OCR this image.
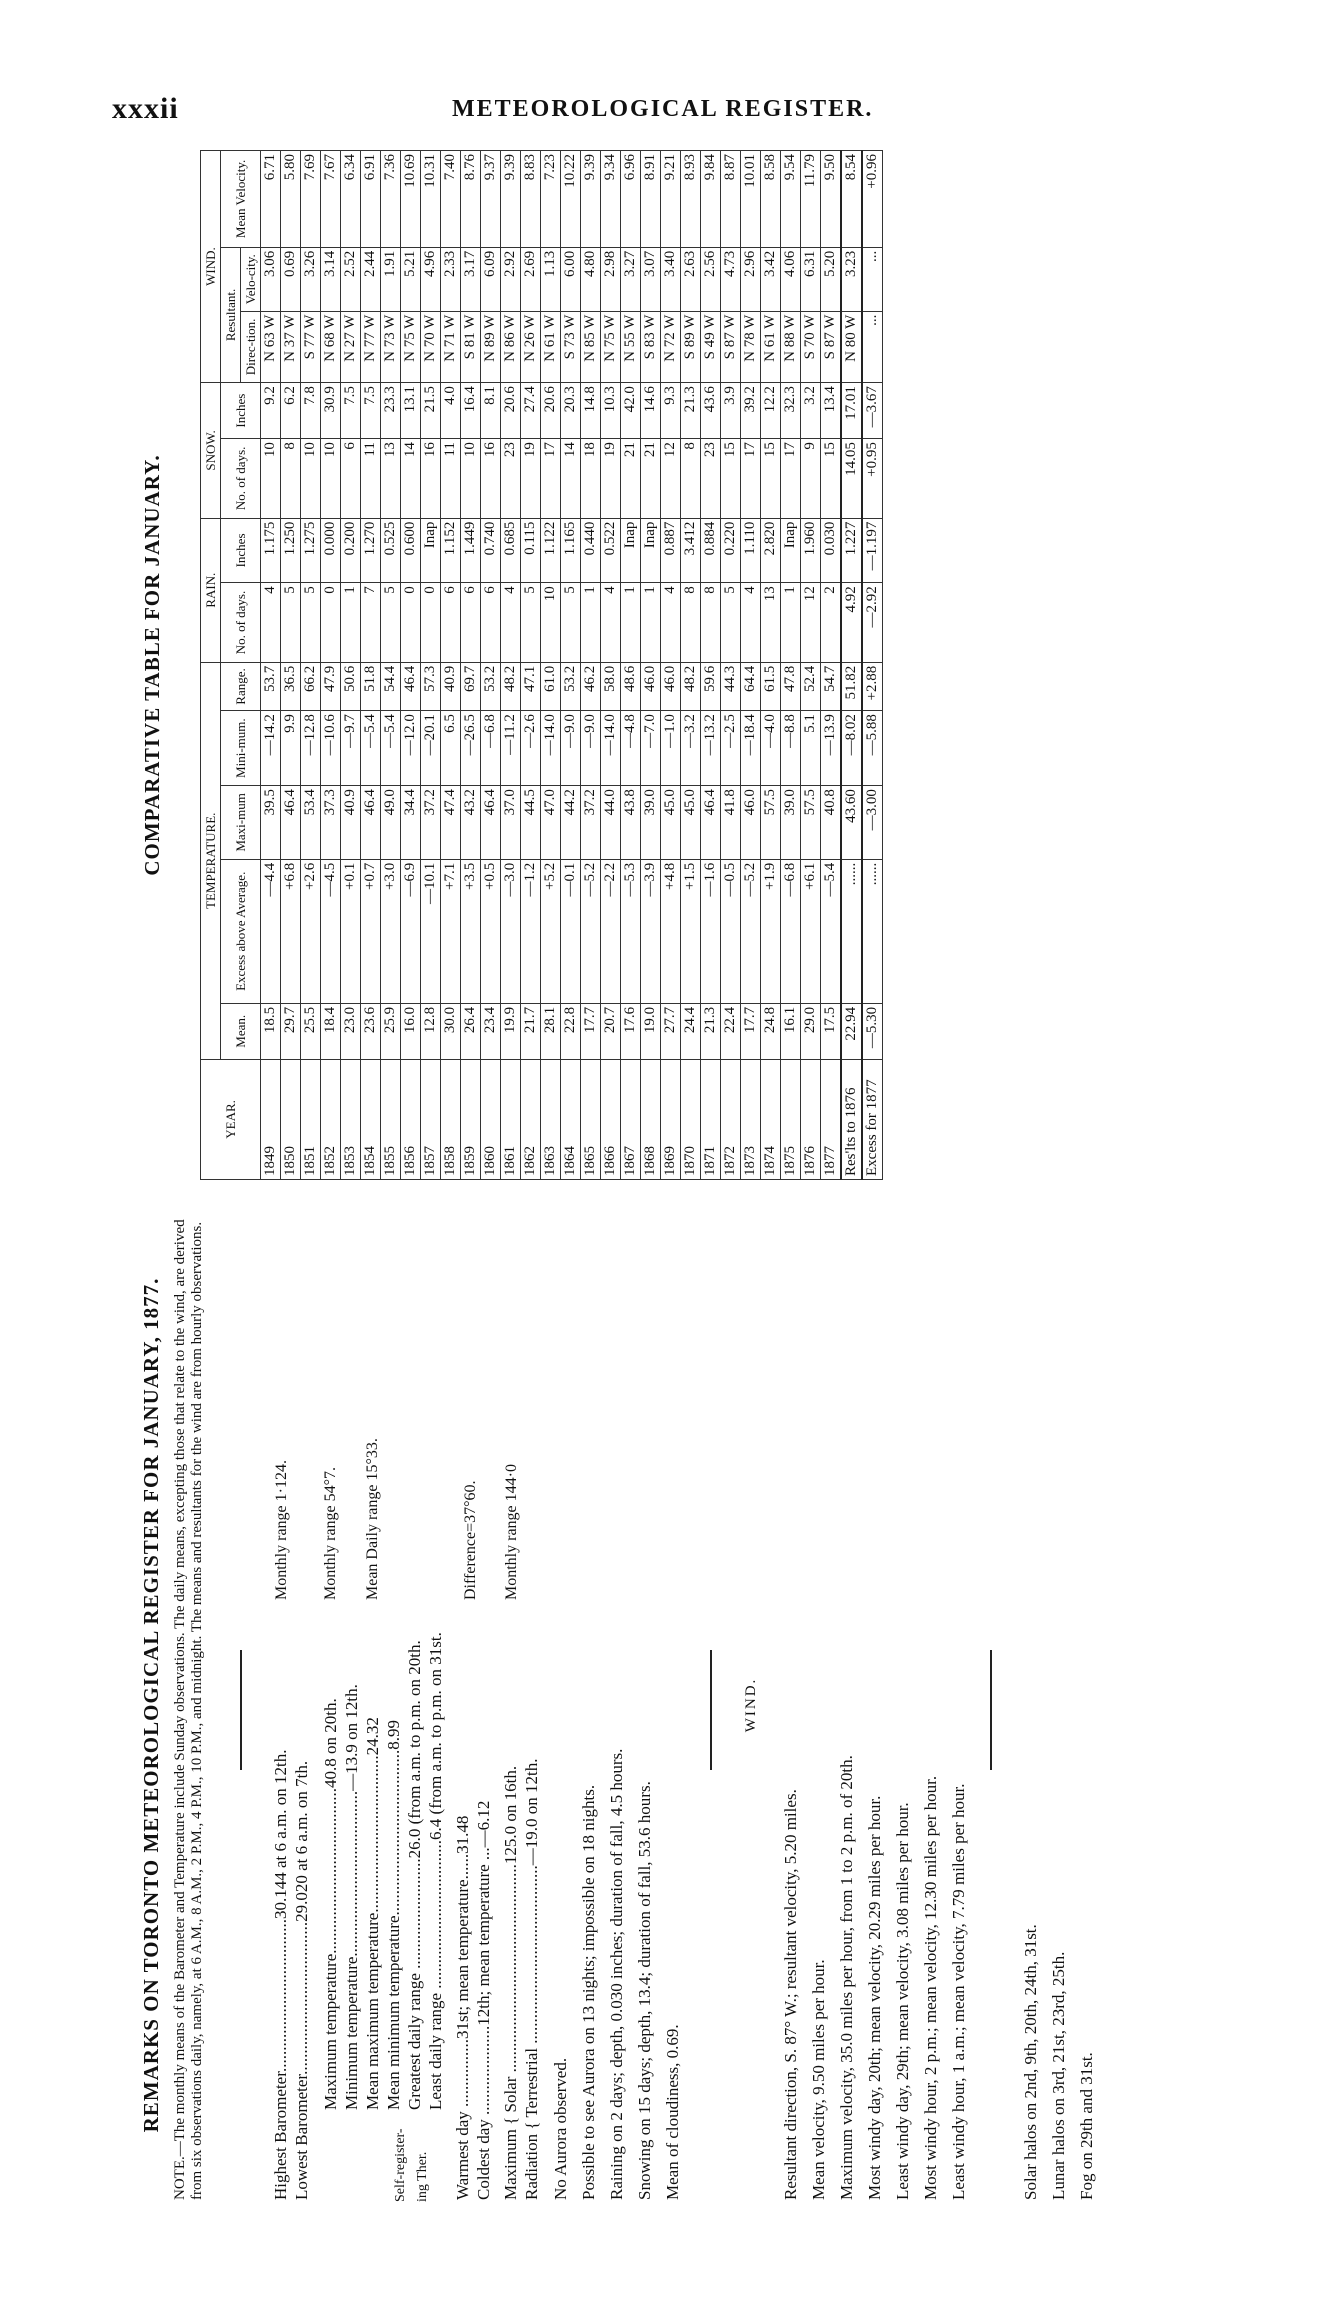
xxxii	METEOROLOGICAL REGISTER.
REMARKS ON TORONTO METEOROLOGICAL REGISTER FOR JANUARY, 1877. NOTE.—The monthly means of the Barometer and Temperature include Sunday observations. The daily means, excepting those that relate to the wind, are derived from six observations daily, namely, at 6 A.M., 8 A.M., 2 P.M., 4 P.M., 10 P.M., and midnight. The means and resultants for the wind are from hourly observations.	Highest Barometer....................................30.144 at 6 a.m. on 12th. Lowest Barometer....................................29.020 at 6 a.m. on 7th.
Monthly range 1·124.
Self-register-ing Ther.
Maximum temperature.......................................40.8 on 20th. Minimum temperature.......................................—13.9 on 12th.
Monthly range 54°7.
Mean maximum temperature.....................................24.32 Mean minimum temperature.......................................8.99
Mean Daily range 15°33.
Greatest daily range ..........................26.0 (from a.m. to p.m. on 20th. Least daily range ...................................6.4 (from a.m. to p.m. on 31st. Warmest day ................31st; mean temperature......31.48 Coldest day .....................12th; mean temperature ...—6.12
Difference=37°60.
Maximum { Solar .................................................125.0 on 16th. Radiation { Terrestrial ..........................................—19.0 on 12th.
Monthly range 144·0
No Aurora observed. Possible to see Aurora on 13 nights; impossible on 18 nights. Raining on 2 days; depth, 0.030 inches; duration of fall, 4.5 hours. Snowing on 15 days; depth, 13.4; duration of fall, 53.6 hours. Mean of cloudiness, 0.69.
WIND.
Resultant direction, S. 87° W.; resultant velocity, 5.20 miles. Mean velocity, 9.50 miles per hour. Maximum velocity, 35.0 miles per hour, from 1 to 2 p.m. of 20th. Most windy day, 20th; mean velocity, 20.29 miles per hour. Least windy day, 29th; mean velocity, 3.08 miles per hour. Most windy hour, 2 p.m.; mean velocity, 12.30 miles per hour. Least windy hour, 1 a.m.; mean velocity, 7.79 miles per hour.	Solar halos on 2nd, 9th, 20th, 24th, 31st. Lunar halos on 3rd, 21st, 23rd, 25th. Fog on 29th and 31st.
COMPARATIVE TABLE FOR JANUARY.
YEAR.	TEMPERATURE.					RAIN.		SNOW.		WIND.		
	Mean.	Excess above Average.	Maxi-mum	Mini-mum.	Range.	No. of days.	Inches	No. of days.	Inches	Resultant.		Mean Velocity.
										Direc-tion.	Velo-city.	
1849	18.5	—4.4	39.5	—14.2	53.7	4	1.175	10	9.2	N 63 W	3.06	6.71
1850	29.7	+6.8	46.4	9.9	36.5	5	1.250	8	6.2	N 37 W	0.69	5.80
1851	25.5	+2.6	53.4	—12.8	66.2	5	1.275	10	7.8	S 77 W	3.26	7.69
1852	18.4	—4.5	37.3	—10.6	47.9	0	0.000	10	30.9	N 68 W	3.14	7.67
1853	23.0	+0.1	40.9	—9.7	50.6	1	0.200	6	7.5	N 27 W	2.52	6.34
1854	23.6	+0.7	46.4	—5.4	51.8	7	1.270	11	7.5	N 77 W	2.44	6.91
1855	25.9	+3.0	49.0	—5.4	54.4	5	0.525	13	23.3	N 73 W	1.91	7.36
1856	16.0	—6.9	34.4	—12.0	46.4	0	0.600	14	13.1	N 75 W	5.21	10.69
1857	12.8	—10.1	37.2	—20.1	57.3	0	Inap	16	21.5	N 70 W	4.96	10.31
1858	30.0	+7.1	47.4	6.5	40.9	6	1.152	11	4.0	N 71 W	2.33	7.40
1859	26.4	+3.5	43.2	—26.5	69.7	6	1.449	10	16.4	S 81 W	3.17	8.76
1860	23.4	+0.5	46.4	—6.8	53.2	6	0.740	16	8.1	N 89 W	6.09	9.37
1861	19.9	—3.0	37.0	—11.2	48.2	4	0.685	23	20.6	N 86 W	2.92	9.39
1862	21.7	—1.2	44.5	—2.6	47.1	5	0.115	19	27.4	N 26 W	2.69	8.83
1863	28.1	+5.2	47.0	—14.0	61.0	10	1.122	17	20.6	N 61 W	1.13	7.23
1864	22.8	—0.1	44.2	—9.0	53.2	5	1.165	14	20.3	S 73 W	6.00	10.22
1865	17.7	—5.2	37.2	—9.0	46.2	1	0.440	18	14.8	N 85 W	4.80	9.39
1866	20.7	—2.2	44.0	—14.0	58.0	4	0.522	19	10.3	N 75 W	2.98	9.34
1867	17.6	—5.3	43.8	—4.8	48.6	1	Inap	21	42.0	N 55 W	3.27	6.96
1868	19.0	—3.9	39.0	—7.0	46.0	1	Inap	21	14.6	S 83 W	3.07	8.91
1869	27.7	+4.8	45.0	—1.0	46.0	4	0.887	12	9.3	N 72 W	3.40	9.21
1870	24.4	+1.5	45.0	—3.2	48.2	8	3.412	8	21.3	S 89 W	2.63	8.93
1871	21.3	—1.6	46.4	—13.2	59.6	8	0.884	23	43.6	S 49 W	2.56	9.84
1872	22.4	—0.5	41.8	—2.5	44.3	5	0.220	15	3.9	S 87 W	4.73	8.87
1873	17.7	—5.2	46.0	—18.4	64.4	4	1.110	17	39.2	N 78 W	2.96	10.01
1874	24.8	+1.9	57.5	—4.0	61.5	13	2.820	15	12.2	N 61 W	3.42	8.58
1875	16.1	—6.8	39.0	—8.8	47.8	1	Inap	17	32.3	N 88 W	4.06	9.54
1876	29.0	+6.1	57.5	5.1	52.4	12	1.960	9	3.2	S 70 W	6.31	11.79
1877	17.5	—5.4	40.8	—13.9	54.7	2	0.030	15	13.4	S 87 W	5.20	9.50
Res'lts to 1876	22.94	......	43.60	—8.02	51.82	4.92	1.227	14.05	17.01	N 80 W	3.23	8.54
Excess for 1877	—5.30	......	—3.00	—5.88	+2.88	—2.92	—1.197	+0.95	—3.67	...	...	+0.96
